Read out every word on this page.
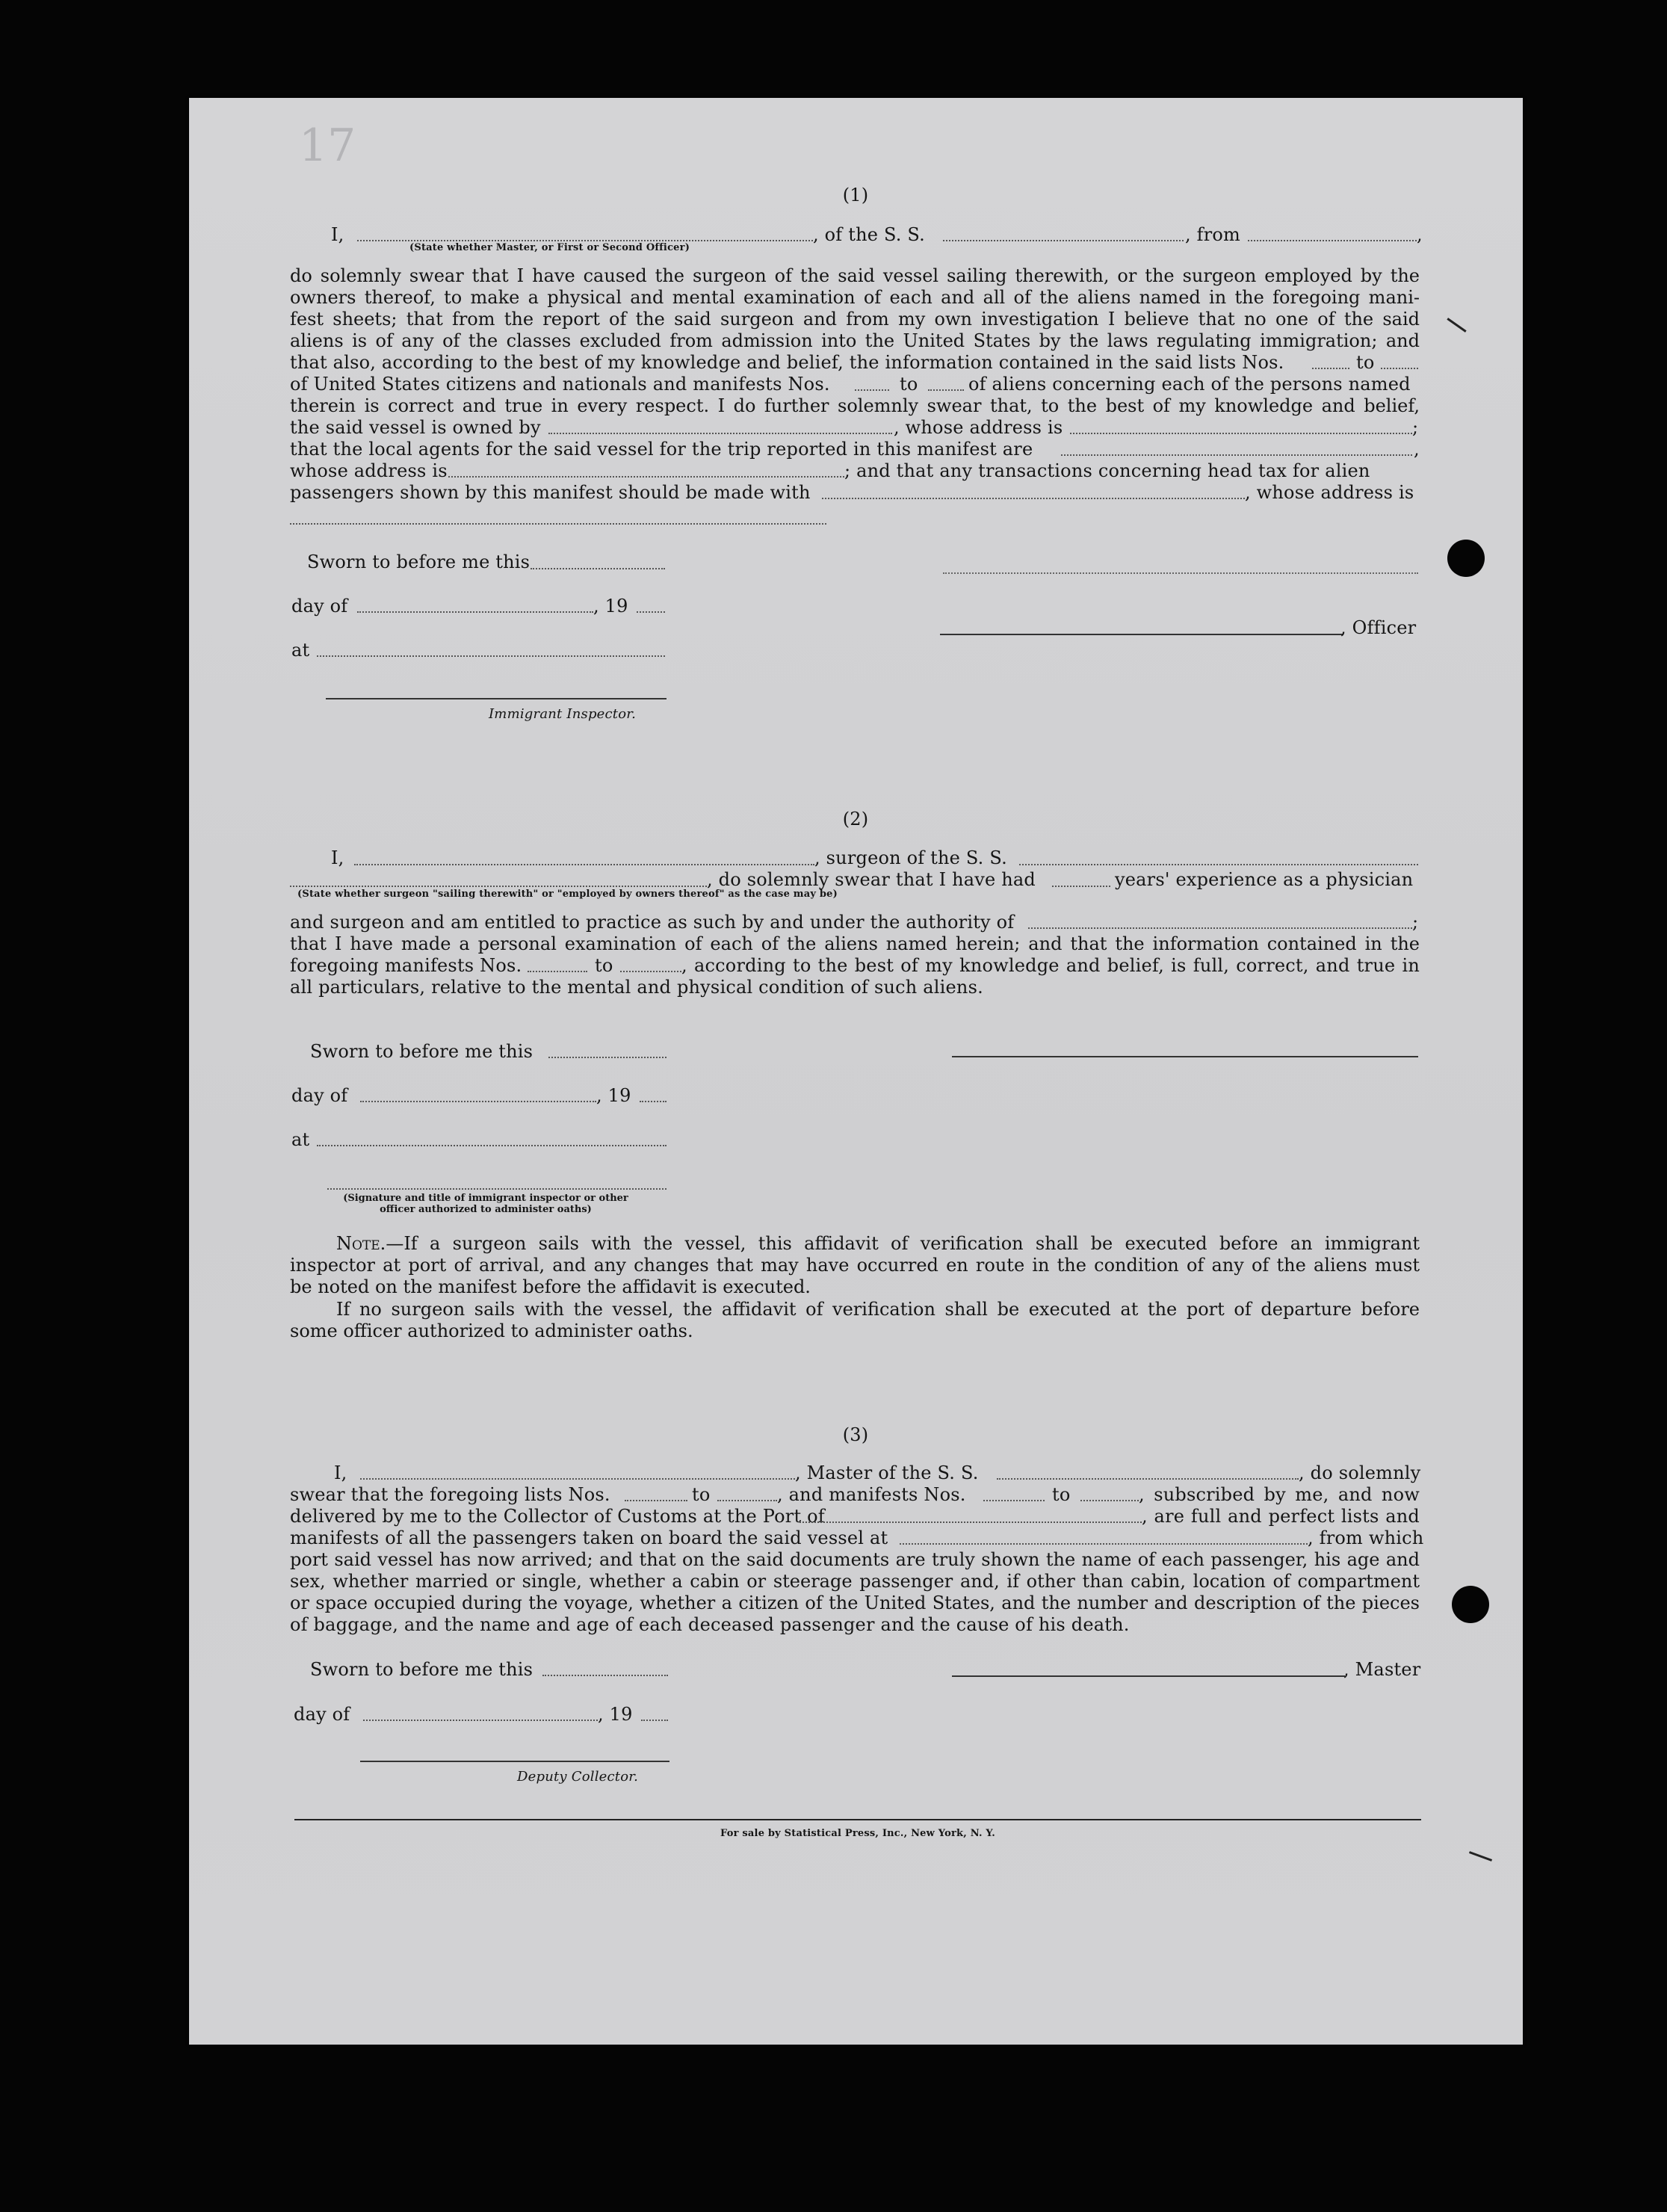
17
(1)
I,	, of the S. S.	, from	,
(State whether Master, or First or Second Officer)
do solemnly swear that I have caused the surgeon of the said vessel sailing therewith, or the surgeon employed by the
owners thereof, to make a physical and mental examination of each and all of the aliens named in the foregoing mani-
fest sheets; that from the report of the said surgeon and from my own investigation I believe that no one of the said
aliens is of any of the classes excluded from admission into the United States by the laws regulating immigration; and
that also, according to the best of my knowledge and belief, the information contained in the said lists Nos.	to
of United States citizens and nationals and manifests Nos.	to	of aliens concerning each of the persons named
therein is correct and true in every respect. I do further solemnly swear that, to the best of my knowledge and belief,
the said vessel is owned by	, whose address is	;
that the local agents for the said vessel for the trip reported in this manifest are	,
whose address is	; and that any transactions concerning head tax for alien
passengers shown by this manifest should be made with	, whose address is
Sworn to before me this
day of	, 19
, Officer
at
Immigrant Inspector.
(2)
I,	, surgeon of the S. S.
, do solemnly swear that I have had	years' experience as a physician
(State whether surgeon "sailing therewith" or "employed by owners thereof" as the case may be)
and surgeon and am entitled to practice as such by and under the authority of	;
that I have made a personal examination of each of the aliens named herein; and that the information contained in the
foregoing manifests Nos.	to	, according to the best of my knowledge and belief, is full, correct, and true in
all particulars, relative to the mental and physical condition of such aliens.
Sworn to before me this
day of	, 19
at
(Signature and title of immigrant inspector or other officer authorized to administer oaths)
Note.—If a surgeon sails with the vessel, this affidavit of verification shall be executed before an immigrant
inspector at port of arrival, and any changes that may have occurred en route in the condition of any of the aliens must
be noted on the manifest before the affidavit is executed.
If no surgeon sails with the vessel, the affidavit of verification shall be executed at the port of departure before
some officer authorized to administer oaths.
(3)
I,	, Master of the S. S.	, do solemnly
swear that the foregoing lists Nos.	to	, and manifests Nos.	to	, subscribed by me, and now
delivered by me to the Collector of Customs at the Port of	, are full and perfect lists and
manifests of all the passengers taken on board the said vessel at	, from which
port said vessel has now arrived; and that on the said documents are truly shown the name of each passenger, his age and
sex, whether married or single, whether a cabin or steerage passenger and, if other than cabin, location of compartment
or space occupied during the voyage, whether a citizen of the United States, and the number and description of the pieces
of baggage, and the name and age of each deceased passenger and the cause of his death.
Sworn to before me this	, Master
day of	, 19
Deputy Collector.
For sale by Statistical Press, Inc., New York, N. Y.
